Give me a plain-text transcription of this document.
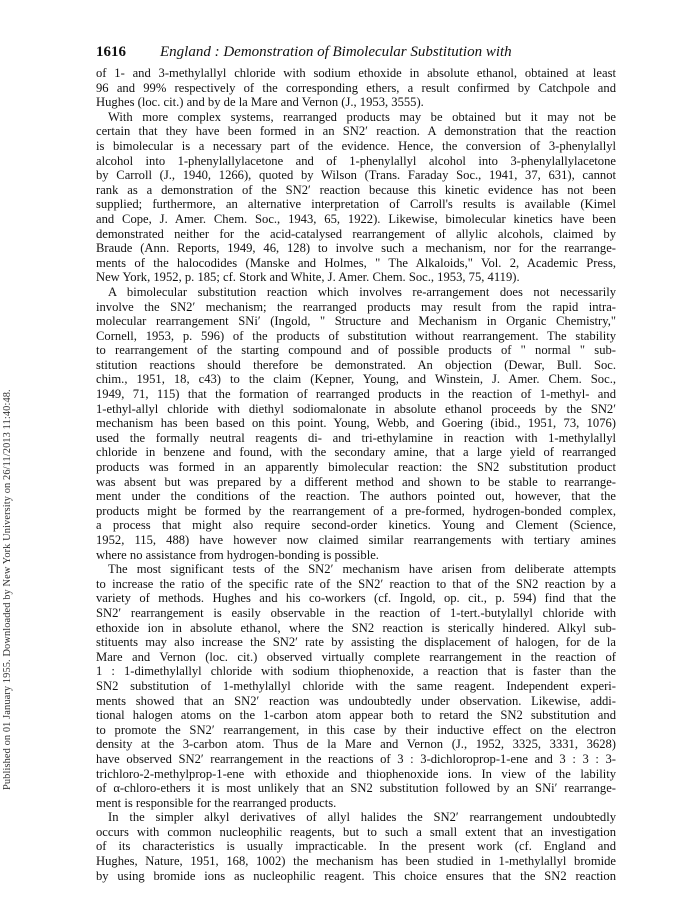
Published on 01 January 1955. Downloaded by New York University on 26/11/2013 11:40:48.
1616 England : Demonstration of Bimolecular Substitution with
of 1- and 3-methylallyl chloride with sodium ethoxide in absolute ethanol, obtained at least
96 and 99% respectively of the corresponding ethers, a result confirmed by Catchpole and
Hughes (loc. cit.) and by de la Mare and Vernon (J., 1953, 3555).
With more complex systems, rearranged products may be obtained but it may not be
certain that they have been formed in an SN2′ reaction. A demonstration that the reaction
is bimolecular is a necessary part of the evidence. Hence, the conversion of 3-phenylallyl
alcohol into 1-phenylallylacetone and of 1-phenylallyl alcohol into 3-phenylallylacetone
by Carroll (J., 1940, 1266), quoted by Wilson (Trans. Faraday Soc., 1941, 37, 631), cannot
rank as a demonstration of the SN2′ reaction because this kinetic evidence has not been
supplied; furthermore, an alternative interpretation of Carroll's results is available (Kimel
and Cope, J. Amer. Chem. Soc., 1943, 65, 1922). Likewise, bimolecular kinetics have been
demonstrated neither for the acid-catalysed rearrangement of allylic alcohols, claimed by
Braude (Ann. Reports, 1949, 46, 128) to involve such a mechanism, nor for the rearrange-
ments of the halocodides (Manske and Holmes, " The Alkaloids," Vol. 2, Academic Press,
New York, 1952, p. 185; cf. Stork and White, J. Amer. Chem. Soc., 1953, 75, 4119).
A bimolecular substitution reaction which involves re-arrangement does not necessarily
involve the SN2′ mechanism; the rearranged products may result from the rapid intra-
molecular rearrangement SNi′ (Ingold, " Structure and Mechanism in Organic Chemistry,"
Cornell, 1953, p. 596) of the products of substitution without rearrangement. The stability
to rearrangement of the starting compound and of possible products of " normal " sub-
stitution reactions should therefore be demonstrated. An objection (Dewar, Bull. Soc.
chim., 1951, 18, c43) to the claim (Kepner, Young, and Winstein, J. Amer. Chem. Soc.,
1949, 71, 115) that the formation of rearranged products in the reaction of 1-methyl- and
1-ethyl-allyl chloride with diethyl sodiomalonate in absolute ethanol proceeds by the SN2′
mechanism has been based on this point. Young, Webb, and Goering (ibid., 1951, 73, 1076)
used the formally neutral reagents di- and tri-ethylamine in reaction with 1-methylallyl
chloride in benzene and found, with the secondary amine, that a large yield of rearranged
products was formed in an apparently bimolecular reaction: the SN2 substitution product
was absent but was prepared by a different method and shown to be stable to rearrange-
ment under the conditions of the reaction. The authors pointed out, however, that the
products might be formed by the rearrangement of a pre-formed, hydrogen-bonded complex,
a process that might also require second-order kinetics. Young and Clement (Science,
1952, 115, 488) have however now claimed similar rearrangements with tertiary amines
where no assistance from hydrogen-bonding is possible.
The most significant tests of the SN2′ mechanism have arisen from deliberate attempts
to increase the ratio of the specific rate of the SN2′ reaction to that of the SN2 reaction by a
variety of methods. Hughes and his co-workers (cf. Ingold, op. cit., p. 594) find that the
SN2′ rearrangement is easily observable in the reaction of 1-tert.-butylallyl chloride with
ethoxide ion in absolute ethanol, where the SN2 reaction is sterically hindered. Alkyl sub-
stituents may also increase the SN2′ rate by assisting the displacement of halogen, for de la
Mare and Vernon (loc. cit.) observed virtually complete rearrangement in the reaction of
1 : 1-dimethylallyl chloride with sodium thiophenoxide, a reaction that is faster than the
SN2 substitution of 1-methylallyl chloride with the same reagent. Independent experi-
ments showed that an SN2′ reaction was undoubtedly under observation. Likewise, addi-
tional halogen atoms on the 1-carbon atom appear both to retard the SN2 substitution and
to promote the SN2′ rearrangement, in this case by their inductive effect on the electron
density at the 3-carbon atom. Thus de la Mare and Vernon (J., 1952, 3325, 3331, 3628)
have observed SN2′ rearrangement in the reactions of 3 : 3-dichloroprop-1-ene and 3 : 3 : 3-
trichloro-2-methylprop-1-ene with ethoxide and thiophenoxide ions. In view of the lability
of α-chloro-ethers it is most unlikely that an SN2 substitution followed by an SNi′ rearrange-
ment is responsible for the rearranged products.
In the simpler alkyl derivatives of allyl halides the SN2′ rearrangement undoubtedly
occurs with common nucleophilic reagents, but to such a small extent that an investigation
of its characteristics is usually impracticable. In the present work (cf. England and
Hughes, Nature, 1951, 168, 1002) the mechanism has been studied in 1-methylallyl bromide
by using bromide ions as nucleophilic reagent. This choice ensures that the SN2 reaction
